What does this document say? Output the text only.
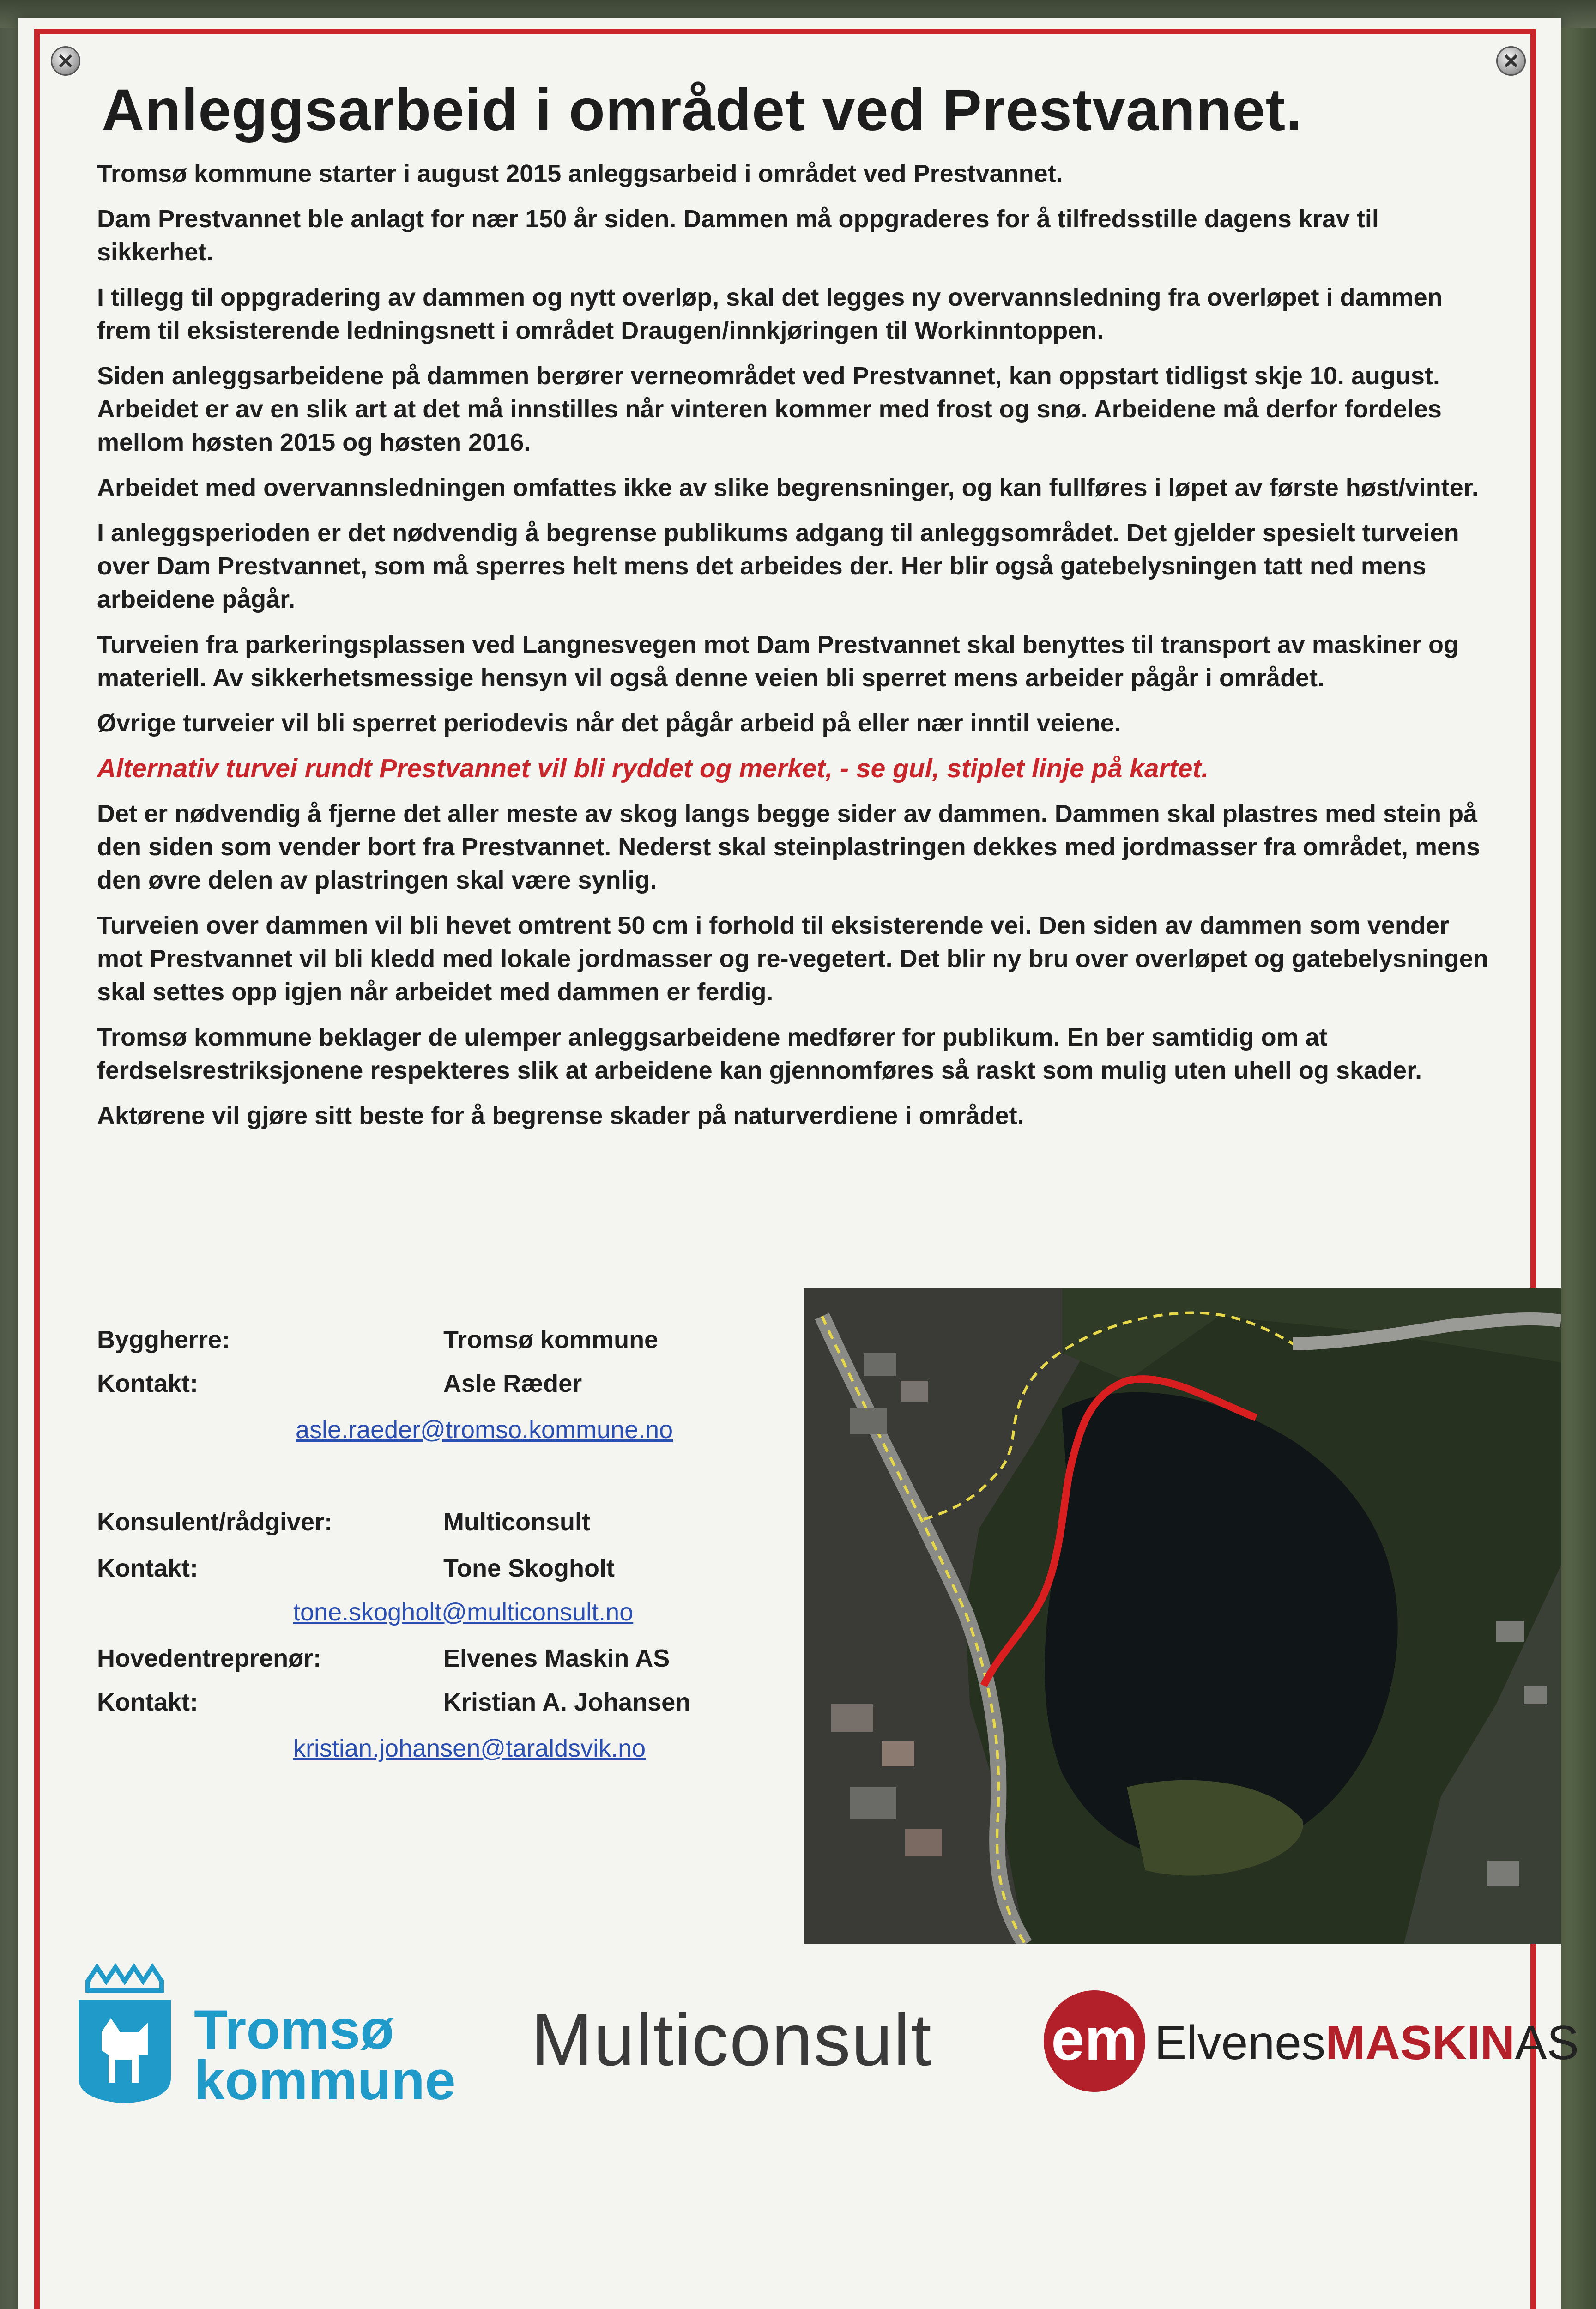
Anleggsarbeid i området ved Prestvannet.

Tromsø kommune starter i august 2015 anleggsarbeid i området ved Prestvannet.

Dam Prestvannet ble anlagt for nær 150 år siden. Dammen må oppgraderes for å tilfredsstille dagens krav til sikkerhet.

I tillegg til oppgradering av dammen og nytt overløp, skal det legges ny overvannsledning fra overløpet i dammen frem til eksisterende ledningsnett i området Draugen/innkjøringen til Workinntoppen.

Siden anleggsarbeidene på dammen berører verneområdet ved Prestvannet, kan oppstart tidligst skje 10. august. Arbeidet er av en slik art at det må innstilles når vinteren kommer med frost og snø. Arbeidene må derfor fordeles mellom høsten 2015 og høsten 2016.

Arbeidet med overvannsledningen omfattes ikke av slike begrensninger, og kan fullføres i løpet av første høst/vinter.

I anleggsperioden er det nødvendig å begrense publikums adgang til anleggsområdet. Det gjelder spesielt turveien over Dam Prestvannet, som må sperres helt mens det arbeides der. Her blir også gatebelysningen tatt ned mens arbeidene pågår.

Turveien fra parkeringsplassen ved Langnesvegen mot Dam Prestvannet skal benyttes til transport av maskiner og materiell. Av sikkerhetsmessige hensyn vil også denne veien bli sperret mens arbeider pågår i området.

Øvrige turveier vil bli sperret periodevis når det pågår arbeid på eller nær inntil veiene.

Alternativ turvei rundt Prestvannet vil bli ryddet og merket, - se gul, stiplet linje på kartet.

Det er nødvendig å fjerne det aller meste av skog langs begge sider av dammen. Dammen skal plastres med stein på den siden som vender bort fra Prestvannet. Nederst skal steinplastringen dekkes med jordmasser fra området, mens den øvre delen av plastringen skal være synlig.

Turveien over dammen vil bli hevet omtrent 50 cm i forhold til eksisterende vei. Den siden av dammen som vender mot Prestvannet vil bli kledd med lokale jordmasser og re-vegetert. Det blir ny bru over overløpet og gatebelysningen skal settes opp igjen når arbeidet med dammen er ferdig.

Tromsø kommune beklager de ulemper anleggsarbeidene medfører for publikum. En ber samtidig om at ferdselsrestriksjonene respekteres slik at arbeidene kan gjennomføres så raskt som mulig uten uhell og skader.

Aktørene vil gjøre sitt beste for å begrense skader på naturverdiene i området.

Byggherre:	Tromsø kommune
Kontakt:	Asle Ræder
asle.raeder@tromso.kommune.no
Konsulent/rådgiver:	Multiconsult
Kontakt:	Tone Skogholt
tone.skogholt@multiconsult.no
Hovedentreprenør:	Elvenes Maskin AS
Kontakt:	Kristian A. Johansen
kristian.johansen@taraldsvik.no
Tromsø
kommune Multiconsult em ElvenesMASKINAS
